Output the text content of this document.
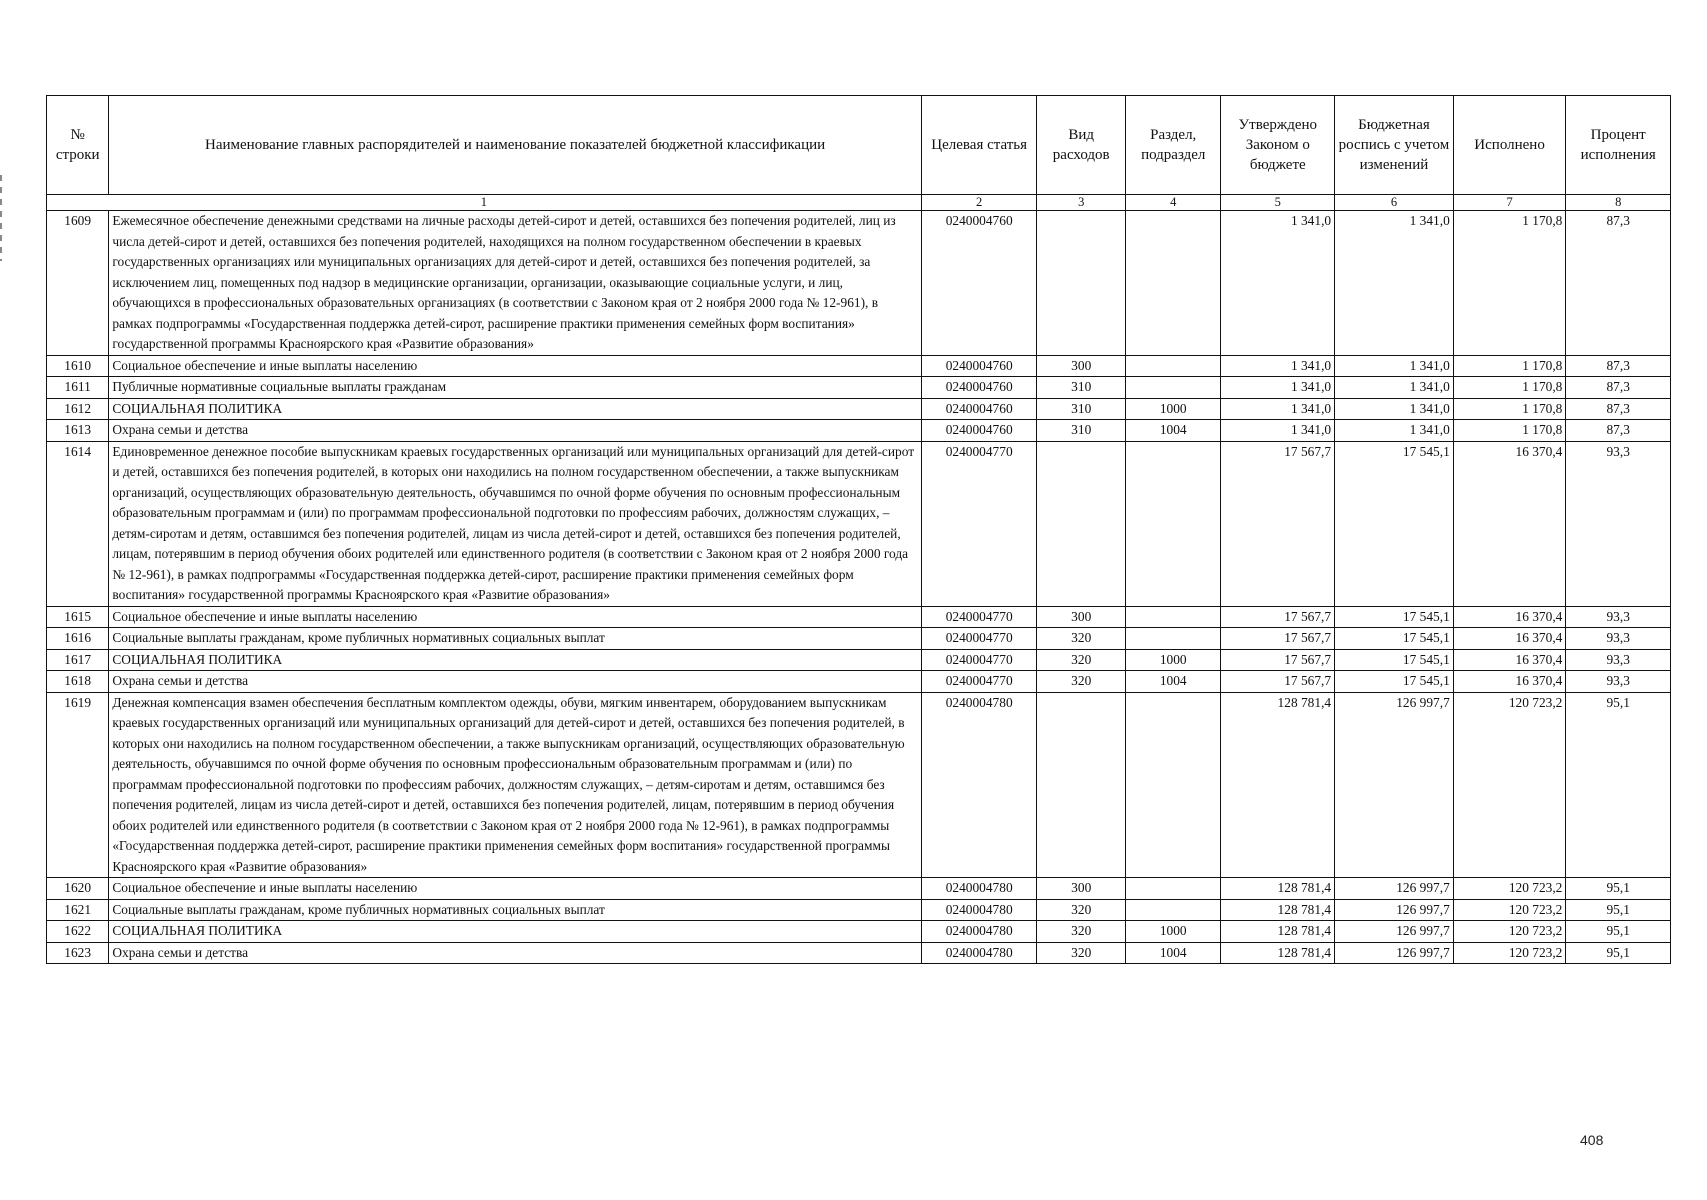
№ строки	Наименование главных распорядителей и наименование показателей бюджетной классификации	Целевая статья	Вид расходов	Раздел, подраздел	Утверждено Законом о бюджете	Бюджетная роспись с учетом изменений	Исполнено	Процент исполнения
1		2	3	4	5	6	7	8
1609	Ежемесячное обеспечение денежными средствами на личные расходы детей-сирот и детей, оставшихся без попечения родителей, лиц из числа детей-сирот и детей, оставшихся без попечения родителей, находящихся на полном государственном обеспечении в краевых государственных организациях или муниципальных организациях для детей-сирот и детей, оставшихся без попечения родителей, за исключением лиц, помещенных под надзор в медицинские организации, организации, оказывающие социальные услуги, и лиц, обучающихся в профессиональных образовательных организациях (в соответствии с Законом края от 2 ноября 2000 года № 12-961), в рамках подпрограммы «Государственная поддержка детей-сирот, расширение практики применения семейных форм воспитания» государственной программы Красноярского края «Развитие образования»	0240004760			1 341,0	1 341,0	1 170,8	87,3
1610	Социальное обеспечение и иные выплаты населению	0240004760	300		1 341,0	1 341,0	1 170,8	87,3
1611	Публичные нормативные социальные выплаты гражданам	0240004760	310		1 341,0	1 341,0	1 170,8	87,3
1612	СОЦИАЛЬНАЯ ПОЛИТИКА	0240004760	310	1000	1 341,0	1 341,0	1 170,8	87,3
1613	Охрана семьи и детства	0240004760	310	1004	1 341,0	1 341,0	1 170,8	87,3
1614	Единовременное денежное пособие выпускникам краевых государственных организаций или муниципальных организаций для детей-сирот и детей, оставшихся без попечения родителей, в которых они находились на полном государственном обеспечении, а также выпускникам организаций, осуществляющих образовательную деятельность, обучавшимся по очной форме обучения по основным профессиональным образовательным программам и (или) по программам профессиональной подготовки по профессиям рабочих, должностям служащих, – детям-сиротам и детям, оставшимся без попечения родителей, лицам из числа детей-сирот и детей, оставшихся без попечения родителей, лицам, потерявшим в период обучения обоих родителей или единственного родителя (в соответствии с Законом края от 2 ноября 2000 года № 12-961), в рамках подпрограммы «Государственная поддержка детей-сирот, расширение практики применения семейных форм воспитания» государственной программы Красноярского края «Развитие образования»	0240004770			17 567,7	17 545,1	16 370,4	93,3
1615	Социальное обеспечение и иные выплаты населению	0240004770	300		17 567,7	17 545,1	16 370,4	93,3
1616	Социальные выплаты гражданам, кроме публичных нормативных социальных выплат	0240004770	320		17 567,7	17 545,1	16 370,4	93,3
1617	СОЦИАЛЬНАЯ ПОЛИТИКА	0240004770	320	1000	17 567,7	17 545,1	16 370,4	93,3
1618	Охрана семьи и детства	0240004770	320	1004	17 567,7	17 545,1	16 370,4	93,3
1619	Денежная компенсация взамен обеспечения бесплатным комплектом одежды, обуви, мягким инвентарем, оборудованием выпускникам краевых государственных организаций или муниципальных организаций для детей-сирот и детей, оставшихся без попечения родителей, в которых они находились на полном государственном обеспечении, а также выпускникам организаций, осуществляющих образовательную деятельность, обучавшимся по очной форме обучения по основным профессиональным образовательным программам и (или) по программам профессиональной подготовки по профессиям рабочих, должностям служащих, – детям-сиротам и детям, оставшимся без попечения родителей, лицам из числа детей-сирот и детей, оставшихся без попечения родителей, лицам, потерявшим в период обучения обоих родителей или единственного родителя (в соответствии с Законом края от 2 ноября 2000 года № 12-961), в рамках подпрограммы «Государственная поддержка детей-сирот, расширение практики применения семейных форм воспитания» государственной программы Красноярского края «Развитие образования»	0240004780			128 781,4	126 997,7	120 723,2	95,1
1620	Социальное обеспечение и иные выплаты населению	0240004780	300		128 781,4	126 997,7	120 723,2	95,1
1621	Социальные выплаты гражданам, кроме публичных нормативных социальных выплат	0240004780	320		128 781,4	126 997,7	120 723,2	95,1
1622	СОЦИАЛЬНАЯ ПОЛИТИКА	0240004780	320	1000	128 781,4	126 997,7	120 723,2	95,1
1623	Охрана семьи и детства	0240004780	320	1004	128 781,4	126 997,7	120 723,2	95,1
408
